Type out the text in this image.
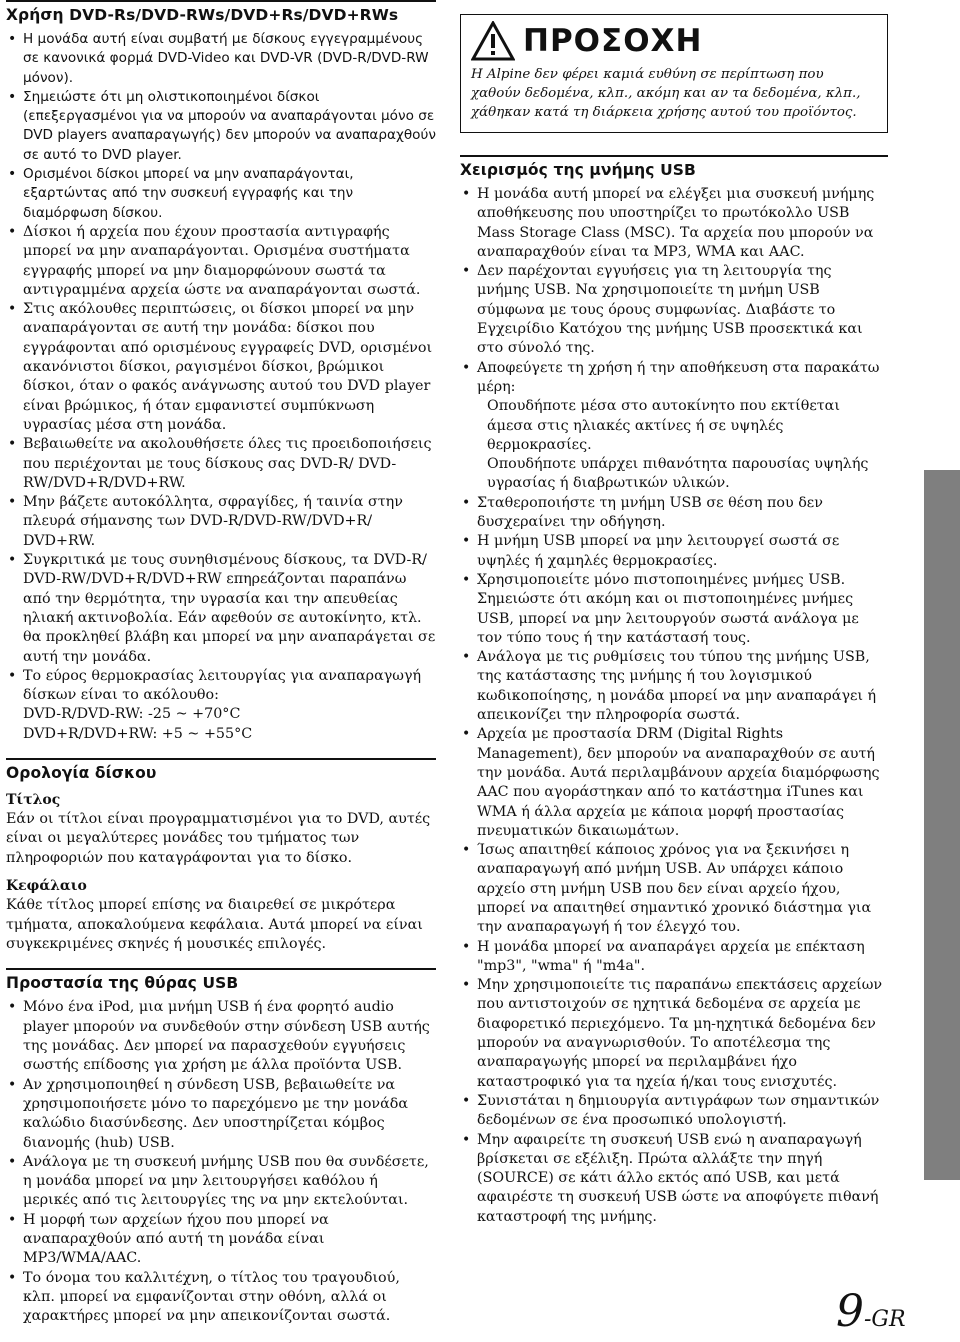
Χρήση DVD-Rs/DVD-RWs/DVD+Rs/DVD+RWs
• Η μονάδα αυτή είναι συμβατή με δίσκους εγγεγραμμένους σε κανονικά φορμά DVD-Video και DVD-VR (DVD-R/DVD-RW μόνον).
• Σημειώστε ότι μη ολιστικοποιημένοι δίσκοι (επεξεργασμένοι για να μπορούν να αναπαράγονται μόνο σε DVD players αναπαραγωγής) δεν μπορούν να αναπαραχθούν σε αυτό το DVD player.
• Ορισμένοι δίσκοι μπορεί να μην αναπαράγονται, εξαρτώντας από την συσκευή εγγραφής και την διαμόρφωση δίσκου.
• Δίσκοι ή αρχεία που έχουν προστασία αντιγραφής μπορεί να μην αναπαράγονται. Ορισμένα συστήματα εγγραφής μπορεί να μην διαμορφώνουν σωστά τα αντιγραμμένα αρχεία ώστε να αναπαράγονται σωστά.
• Στις ακόλουθες περιπτώσεις, οι δίσκοι μπορεί να μην αναπαράγονται σε αυτή την μονάδα: δίσκοι που εγγράφονται από ορισμένους εγγραφείς DVD, ορισμένοι ακανόνιστοι δίσκοι, ραγισμένοι δίσκοι, βρώμικοι δίσκοι, όταν ο φακός ανάγνωσης αυτού του DVD player είναι βρώμικος, ή όταν εμφανιστεί συμπύκνωση υγρασίας μέσα στη μονάδα.
• Βεβαιωθείτε να ακολουθήσετε όλες τις προειδοποιήσεις που περιέχονται με τους δίσκους σας DVD-R/ DVD-RW/DVD+R/DVD+RW.
• Μην βάζετε αυτοκόλλητα, σφραγίδες, ή ταινία στην πλευρά σήμανσης των DVD-R/DVD-RW/DVD+R/ DVD+RW.
• Συγκριτικά με τους συνηθισμένους δίσκους, τα DVD-R/ DVD-RW/DVD+R/DVD+RW επηρεάζονται παραπάνω από την θερμότητα, την υγρασία και την απευθείας ηλιακή ακτινοβολία. Εάν αφεθούν σε αυτοκίνητο, κτλ. θα προκληθεί βλάβη και μπορεί να μην αναπαράγεται σε αυτή την μονάδα.
• Το εύρος θερμοκρασίας λειτουργίας για αναπαραγωγή δίσκων είναι το ακόλουθο:
DVD-R/DVD-RW: -25 ~ +70°C
DVD+R/DVD+RW: +5 ~ +55°C
Ορολογία δίσκου
Τίτλος

Εάν οι τίτλοι είναι προγραμματισμένοι για το DVD, αυτές είναι οι μεγαλύτερες μονάδες του τμήματος των πληροφοριών που καταγράφονται για το δίσκο.

Κεφάλαιο

Κάθε τίτλος μπορεί επίσης να διαιρεθεί σε μικρότερα τμήματα, αποκαλούμενα κεφάλαια. Αυτά μπορεί να είναι συγκεκριμένες σκηνές ή μουσικές επιλογές.

Προστασία της θύρας USB
• Μόνο ένα iPod, μια μνήμη USB ή ένα φορητό audio player μπορούν να συνδεθούν στην σύνδεση USB αυτής της μονάδας. Δεν μπορεί να παρασχεθούν εγγυήσεις σωστής επίδοσης για χρήση με άλλα προϊόντα USB.
• Αν χρησιμοποιηθεί η σύνδεση USB, βεβαιωθείτε να χρησιμοποιήσετε μόνο το παρεχόμενο με την μονάδα καλώδιο διασύνδεσης. Δεν υποστηρίζεται κόμβος διανομής (hub) USB.
• Ανάλογα με τη συσκευή μνήμης USB που θα συνδέσετε, η μονάδα μπορεί να μην λειτουργήσει καθόλου ή μερικές από τις λειτουργίες της να μην εκτελούνται.
• Η μορφή των αρχείων ήχου που μπορεί να αναπαραχθούν από αυτή τη μονάδα είναι MP3/WMA/AAC.
• Το όνομα του καλλιτέχνη, ο τίτλος του τραγουδιού, κλπ. μπορεί να εμφανίζονται στην οθόνη, αλλά οι χαρακτήρες μπορεί να μην απεικονίζονται σωστά.
ΠΡΟΣΟΧΗ
Η Alpine δεν φέρει καμιά ευθύνη σε περίπτωση που χαθούν δεδομένα, κλπ., ακόμη και αν τα δεδομένα, κλπ., χάθηκαν κατά τη διάρκεια χρήσης αυτού του προϊόντος.
Χειρισμός της μνήμης USB
• Η μονάδα αυτή μπορεί να ελέγξει μια συσκευή μνήμης αποθήκευσης που υποστηρίζει το πρωτόκολλο USB Mass Storage Class (MSC). Τα αρχεία που μπορούν να αναπαραχθούν είναι τα MP3, WMA και AAC.
• Δεν παρέχονται εγγυήσεις για τη λειτουργία της μνήμης USB. Να χρησιμοποιείτε τη μνήμη USB σύμφωνα με τους όρους συμφωνίας. Διαβάστε το Εγχειρίδιο Κατόχου της μνήμης USB προσεκτικά και στο σύνολό της.
• Αποφεύγετε τη χρήση ή την αποθήκευση στα παρακάτω μέρη:
Οπουδήποτε μέσα στο αυτοκίνητο που εκτίθεται άμεσα στις ηλιακές ακτίνες ή σε υψηλές θερμοκρασίες.
Οπουδήποτε υπάρχει πιθανότητα παρουσίας υψηλής υγρασίας ή διαβρωτικών υλικών.
• Σταθεροποιήστε τη μνήμη USB σε θέση που δεν δυσχεραίνει την οδήγηση.
• Η μνήμη USB μπορεί να μην λειτουργεί σωστά σε υψηλές ή χαμηλές θερμοκρασίες.
• Χρησιμοποιείτε μόνο πιστοποιημένες μνήμες USB. Σημειώστε ότι ακόμη και οι πιστοποιημένες μνήμες USB, μπορεί να μην λειτουργούν σωστά ανάλογα με τον τύπο τους ή την κατάστασή τους.
• Ανάλογα με τις ρυθμίσεις του τύπου της μνήμης USB, της κατάστασης της μνήμης ή του λογισμικού κωδικοποίησης, η μονάδα μπορεί να μην αναπαράγει ή απεικονίζει την πληροφορία σωστά.
• Αρχεία με προστασία DRM (Digital Rights Management), δεν μπορούν να αναπαραχθούν σε αυτή την μονάδα. Αυτά περιλαμβάνουν αρχεία διαμόρφωσης AAC που αγοράστηκαν από το κατάστημα iTunes και WMA ή άλλα αρχεία με κάποια μορφή προστασίας πνευματικών δικαιωμάτων.
• Ίσως απαιτηθεί κάποιος χρόνος για να ξεκινήσει η αναπαραγωγή από μνήμη USB. Αν υπάρχει κάποιο αρχείο στη μνήμη USB που δεν είναι αρχείο ήχου, μπορεί να απαιτηθεί σημαντικό χρονικό διάστημα για την αναπαραγωγή ή τον έλεγχό του.
• Η μονάδα μπορεί να αναπαράγει αρχεία με επέκταση "mp3", "wma" ή "m4a".
• Μην χρησιμοποιείτε τις παραπάνω επεκτάσεις αρχείων που αντιστοιχούν σε ηχητικά δεδομένα σε αρχεία με διαφορετικό περιεχόμενο. Τα μη-ηχητικά δεδομένα δεν μπορούν να αναγνωρισθούν. Το αποτέλεσμα της αναπαραγωγής μπορεί να περιλαμβάνει ήχο καταστροφικό για τα ηχεία ή/και τους ενισχυτές.
• Συνιστάται η δημιουργία αντιγράφων των σημαντικών δεδομένων σε ένα προσωπικό υπολογιστή.
• Μην αφαιρείτε τη συσκευή USB ενώ η αναπαραγωγή βρίσκεται σε εξέλιξη. Πρώτα αλλάξτε την πηγή (SOURCE) σε κάτι άλλο εκτός από USB, και μετά αφαιρέστε τη συσκευή USB ώστε να αποφύγετε πιθανή καταστροφή της μνήμης.
9-GR
